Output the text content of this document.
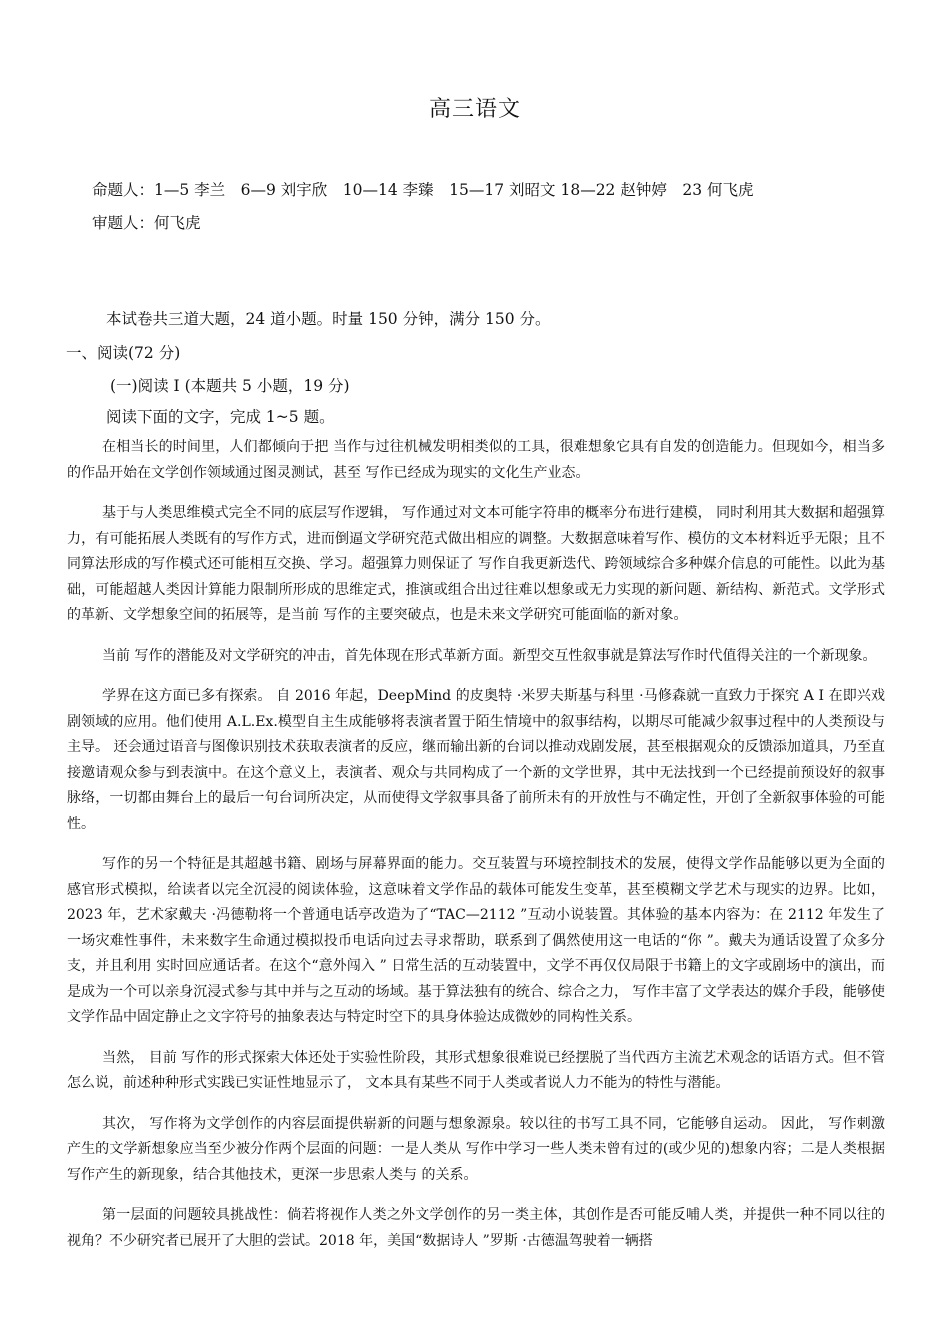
高三语文
命题人：1—5 李兰　6—9 刘宇欣　10—14 李臻　15—17 刘昭文 18—22 赵钟婷　23 何飞虎
审题人：何飞虎
本试卷共三道大题，24 道小题。时量 150 分钟，满分 150 分。
一、阅读(72 分)
(一)阅读 Ⅰ (本题共 5 小题，19 分)
阅读下面的文字，完成 1~5 题。

在相当长的时间里，人们都倾向于把 当作与过往机械发明相类似的工具，很难想象它具有自发的创造能力。但现如今，相当多的作品开始在文学创作领域通过图灵测试，甚至 写作已经成为现实的文化生产业态。

基于与人类思维模式完全不同的底层写作逻辑， 写作通过对文本可能字符串的概率分布进行建模， 同时利用其大数据和超强算力，有可能拓展人类既有的写作方式，进而倒逼文学研究范式做出相应的调整。大数据意味着写作、模仿的文本材料近乎无限；且不同算法形成的写作模式还可能相互交换、学习。超强算力则保证了 写作自我更新迭代、跨领域综合多种媒介信息的可能性。以此为基础，可能超越人类因计算能力限制所形成的思维定式，推演或组合出过往难以想象或无力实现的新问题、新结构、新范式。文学形式的革新、文学想象空间的拓展等，是当前 写作的主要突破点，也是未来文学研究可能面临的新对象。

当前 写作的潜能及对文学研究的冲击，首先体现在形式革新方面。新型交互性叙事就是算法写作时代值得关注的一个新现象。

学界在这方面已多有探索。 自 2016 年起，DeepMind 的皮奥特 ·米罗夫斯基与科里 ·马修森就一直致力于探究 A I 在即兴戏剧领域的应用。他们使用 A.L.Ex.模型自主生成能够将表演者置于陌生情境中的叙事结构，以期尽可能减少叙事过程中的人类预设与主导。 还会通过语音与图像识别技术获取表演者的反应，继而输出新的台词以推动戏剧发展，甚至根据观众的反馈添加道具，乃至直接邀请观众参与到表演中。在这个意义上，表演者、观众与共同构成了一个新的文学世界，其中无法找到一个已经提前预设好的叙事脉络，一切都由舞台上的最后一句台词所决定，从而使得文学叙事具备了前所未有的开放性与不确定性，开创了全新叙事体验的可能性。

写作的另一个特征是其超越书籍、剧场与屏幕界面的能力。交互装置与环境控制技术的发展，使得文学作品能够以更为全面的感官形式模拟，给读者以完全沉浸的阅读体验，这意味着文学作品的载体可能发生变革，甚至模糊文学艺术与现实的边界。比如，2023 年，艺术家戴夫 ·冯德勒将一个普通电话亭改造为了“TAC—2112 ”互动小说装置。其体验的基本内容为：在 2112 年发生了一场灾难性事件，未来数字生命通过模拟投币电话向过去寻求帮助，联系到了偶然使用这一电话的“你 ”。戴夫为通话设置了众多分支，并且利用 实时回应通话者。在这个“意外闯入 ” 日常生活的互动装置中，文学不再仅仅局限于书籍上的文字或剧场中的演出，而是成为一个可以亲身沉浸式参与其中并与之互动的场域。基于算法独有的统合、综合之力， 写作丰富了文学表达的媒介手段，能够使文学作品中固定静止之文字符号的抽象表达与特定时空下的具身体验达成微妙的同构性关系。

当然， 目前 写作的形式探索大体还处于实验性阶段，其形式想象很难说已经摆脱了当代西方主流艺术观念的话语方式。但不管怎么说，前述种种形式实践已实证性地显示了， 文本具有某些不同于人类或者说人力不能为的特性与潜能。

其次， 写作将为文学创作的内容层面提供崭新的问题与想象源泉。较以往的书写工具不同，它能够自运动。 因此， 写作刺激产生的文学新想象应当至少被分作两个层面的问题：一是人类从 写作中学习一些人类未曾有过的(或少见的)想象内容；二是人类根据 写作产生的新现象，结合其他技术，更深一步思索人类与 的关系。

第一层面的问题较具挑战性：倘若将视作人类之外文学创作的另一类主体，其创作是否可能反哺人类，并提供一种不同以往的视角？不少研究者已展开了大胆的尝试。2018 年，美国“数据诗人 ”罗斯 ·古德温驾驶着一辆搭
